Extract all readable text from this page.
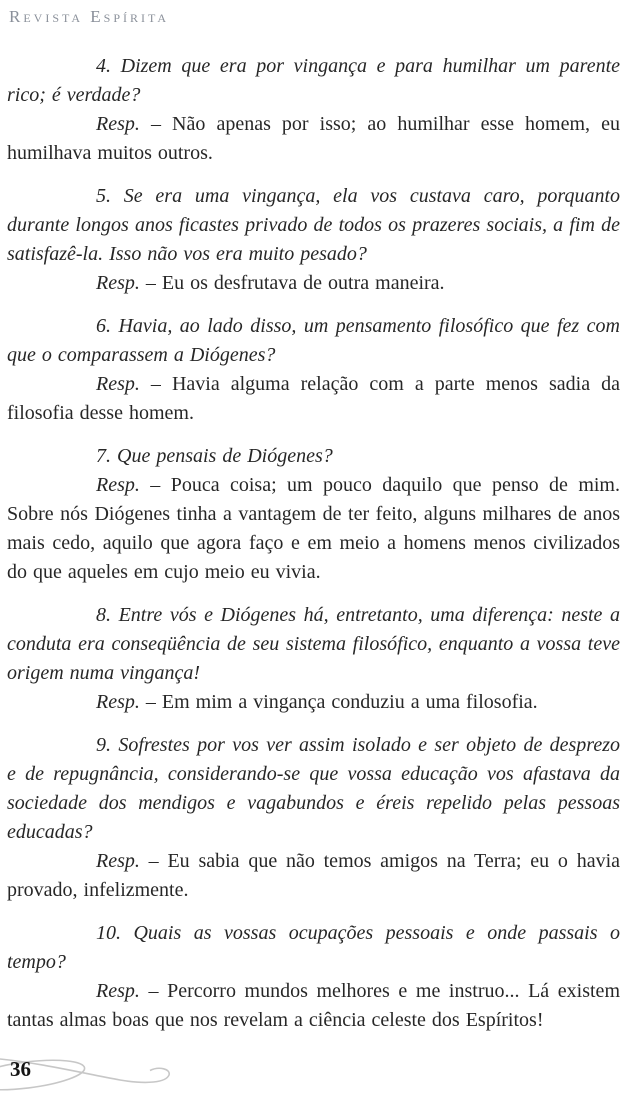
Revista Espírita

4. Dizem que era por vingança e para humilhar um parente rico; é verdade?

Resp. – Não apenas por isso; ao humilhar esse homem, eu humilhava muitos outros.

5. Se era uma vingança, ela vos custava caro, porquanto durante longos anos ficastes privado de todos os prazeres sociais, a fim de satisfazê-la. Isso não vos era muito pesado?

Resp. – Eu os desfrutava de outra maneira.

6. Havia, ao lado disso, um pensamento filosófico que fez com que o comparassem a Diógenes?

Resp. – Havia alguma relação com a parte menos sadia da filosofia desse homem.

7. Que pensais de Diógenes?

Resp. – Pouca coisa; um pouco daquilo que penso de mim. Sobre nós Diógenes tinha a vantagem de ter feito, alguns milhares de anos mais cedo, aquilo que agora faço e em meio a homens menos civilizados do que aqueles em cujo meio eu vivia.

8. Entre vós e Diógenes há, entretanto, uma diferença: neste a conduta era conseqüência de seu sistema filosófico, enquanto a vossa teve origem numa vingança!

Resp. – Em mim a vingança conduziu a uma filosofia.

9. Sofrestes por vos ver assim isolado e ser objeto de desprezo e de repugnância, considerando-se que vossa educação vos afastava da sociedade dos mendigos e vagabundos e éreis repelido pelas pessoas educadas?

Resp. – Eu sabia que não temos amigos na Terra; eu o havia provado, infelizmente.

10. Quais as vossas ocupações pessoais e onde passais o tempo?

Resp. – Percorro mundos melhores e me instruo... Lá existem tantas almas boas que nos revelam a ciência celeste dos Espíritos!

36
